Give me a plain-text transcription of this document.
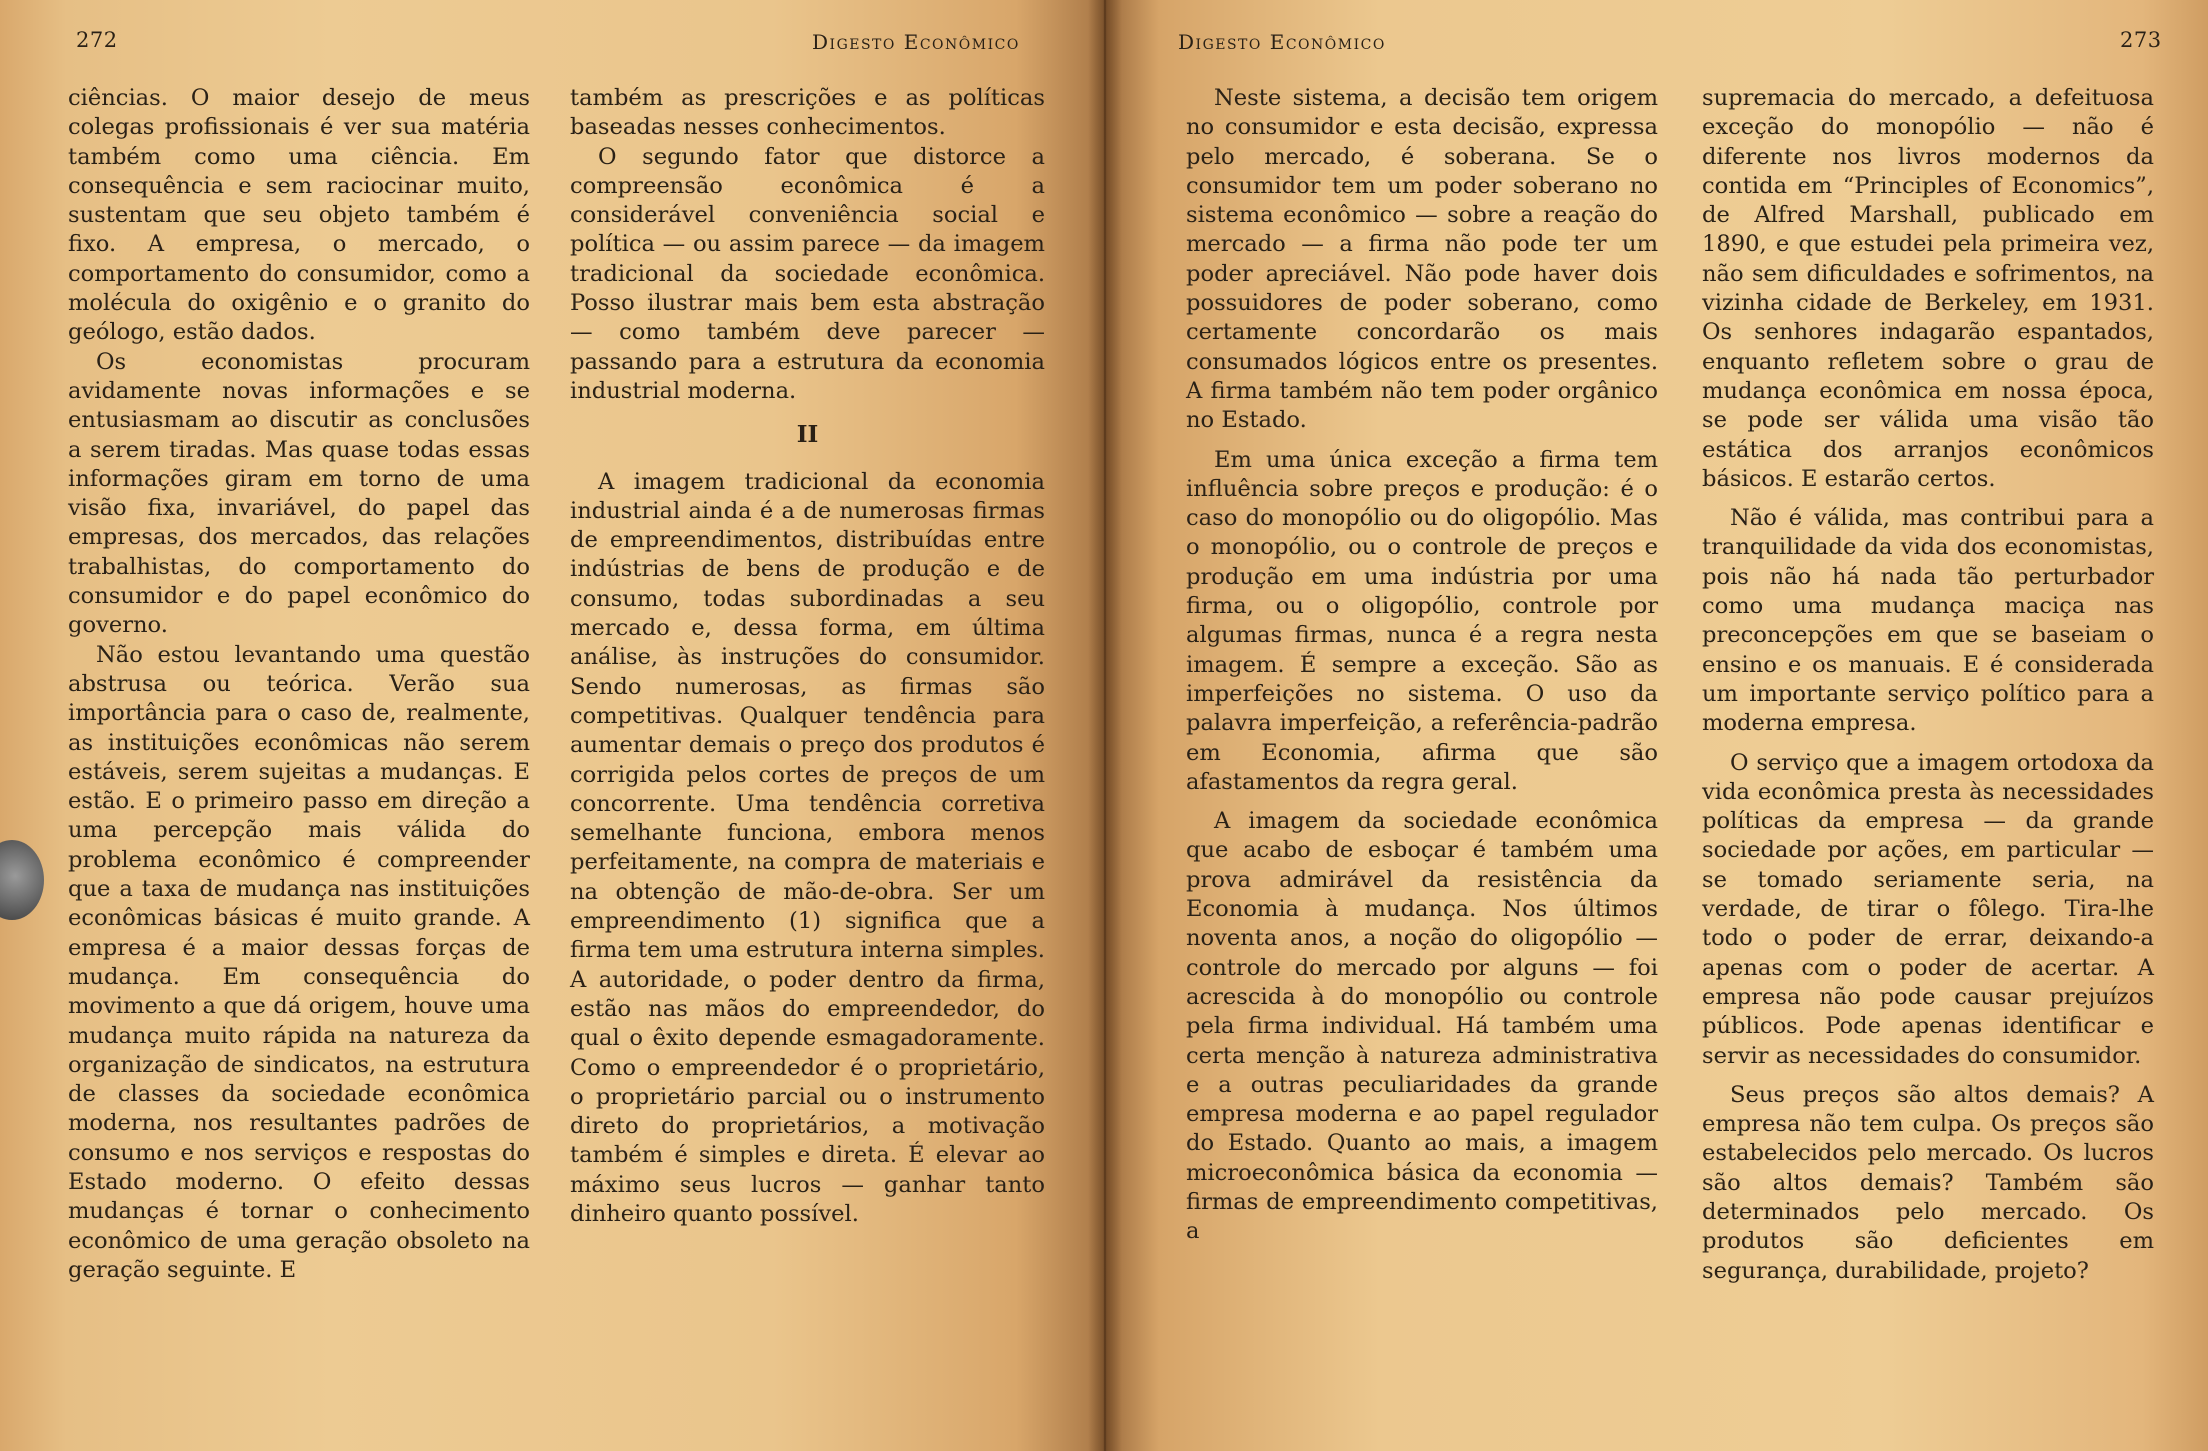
272	Digesto Econômico

ciências. O maior desejo de meus colegas profissionais é ver sua matéria também como uma ciência. Em consequência e sem raciocinar muito, sustentam que seu objeto também é fixo. A empresa, o mercado, o comportamento do consumidor, como a molécula do oxigênio e o granito do geólogo, estão dados.

Os economistas procuram avidamente novas informações e se entusiasmam ao discutir as conclusões a serem tiradas. Mas quase todas essas informações giram em torno de uma visão fixa, invariável, do papel das empresas, dos mercados, das relações trabalhistas, do comportamento do consumidor e do papel econômico do governo.

Não estou levantando uma questão abstrusa ou teórica. Verão sua importância para o caso de, realmente, as instituições econômicas não serem estáveis, serem sujeitas a mudanças. E estão. E o primeiro passo em direção a uma percepção mais válida do problema econômico é compreender que a taxa de mudança nas instituições econômicas básicas é muito grande. A empresa é a maior dessas forças de mudança. Em consequência do movimento a que dá origem, houve uma mudança muito rápida na natureza da organização de sindicatos, na estrutura de classes da sociedade econômica moderna, nos resultantes padrões de consumo e nos serviços e respostas do Estado moderno. O efeito dessas mudanças é tornar o conhecimento econômico de uma geração obsoleto na geração seguinte. E

também as prescrições e as políticas baseadas nesses conhecimentos.

O segundo fator que distorce a compreensão econômica é a considerável conveniência social e política — ou assim parece — da imagem tradicional da sociedade econômica. Posso ilustrar mais bem esta abstração — como também deve parecer — passando para a estrutura da economia industrial moderna.

II

A imagem tradicional da economia industrial ainda é a de numerosas firmas de empreendimentos, distribuídas entre indústrias de bens de produção e de consumo, todas subordinadas a seu mercado e, dessa forma, em última análise, às instruções do consumidor. Sendo numerosas, as firmas são competitivas. Qualquer tendência para aumentar demais o preço dos produtos é corrigida pelos cortes de preços de um concorrente. Uma tendência corretiva semelhante funciona, embora menos perfeitamente, na compra de materiais e na obtenção de mão-de-obra. Ser um empreendimento (1) significa que a firma tem uma estrutura interna simples. A autoridade, o poder dentro da firma, estão nas mãos do empreendedor, do qual o êxito depende esmagadoramente. Como o empreendedor é o proprietário, o proprietário parcial ou o instrumento direto do proprietários, a motivação também é simples e direta. É elevar ao máximo seus lucros — ganhar tanto dinheiro quanto possível.

Digesto Econômico	273

Neste sistema, a decisão tem origem no consumidor e esta decisão, expressa pelo mercado, é soberana. Se o consumidor tem um poder soberano no sistema econômico — sobre a reação do mercado — a firma não pode ter um poder apreciável. Não pode haver dois possuidores de poder soberano, como certamente concordarão os mais consumados lógicos entre os presentes. A firma também não tem poder orgânico no Estado.

Em uma única exceção a firma tem influência sobre preços e produção: é o caso do monopólio ou do oligopólio. Mas o monopólio, ou o controle de preços e produção em uma indústria por uma firma, ou o oligopólio, controle por algumas firmas, nunca é a regra nesta imagem. É sempre a exceção. São as imperfeições no sistema. O uso da palavra imperfeição, a referência-padrão em Economia, afirma que são afastamentos da regra geral.

A imagem da sociedade econômica que acabo de esboçar é também uma prova admirável da resistência da Economia à mudança. Nos últimos noventa anos, a noção do oligopólio — controle do mercado por alguns — foi acrescida à do monopólio ou controle pela firma individual. Há também uma certa menção à natureza administrativa e a outras peculiaridades da grande empresa moderna e ao papel regulador do Estado. Quanto ao mais, a imagem microeconômica básica da economia — firmas de empreendimento competitivas, a

supremacia do mercado, a defeituosa exceção do monopólio — não é diferente nos livros modernos da contida em “Principles of Economics”, de Alfred Marshall, publicado em 1890, e que estudei pela primeira vez, não sem dificuldades e sofrimentos, na vizinha cidade de Berkeley, em 1931. Os senhores indagarão espantados, enquanto refletem sobre o grau de mudança econômica em nossa época, se pode ser válida uma visão tão estática dos arranjos econômicos básicos. E estarão certos.

Não é válida, mas contribui para a tranquilidade da vida dos economistas, pois não há nada tão perturbador como uma mudança maciça nas preconcepções em que se baseiam o ensino e os manuais. E é considerada um importante serviço político para a moderna empresa.

O serviço que a imagem ortodoxa da vida econômica presta às necessidades políticas da empresa — da grande sociedade por ações, em particular — se tomado seriamente seria, na verdade, de tirar o fôlego. Tira-lhe todo o poder de errar, deixando-a apenas com o poder de acertar. A empresa não pode causar prejuízos públicos. Pode apenas identificar e servir as necessidades do consumidor.

Seus preços são altos demais? A empresa não tem culpa. Os preços são estabelecidos pelo mercado. Os lucros são altos demais? Também são determinados pelo mercado. Os produtos são deficientes em segurança, durabilidade, projeto?
